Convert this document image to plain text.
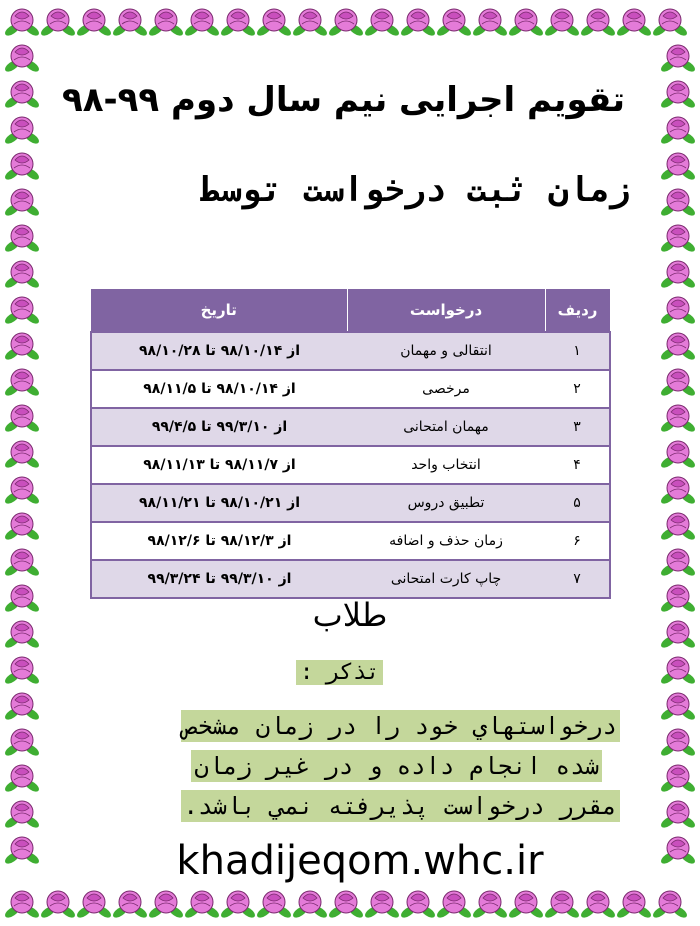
تقویم اجرایی نیم سال دوم ۹۹-۹۸
زمان ثبت درخواست توسط
ردیف	درخواست	تاریخ
۱	انتقالی و مهمان	از ۹۸/۱۰/۱۴ تا ۹۸/۱۰/۲۸
۲	مرخصی	از ۹۸/۱۰/۱۴ تا ۹۸/۱۱/۵
۳	مهمان امتحانی	از ۹۹/۳/۱۰ تا ۹۹/۴/۵
۴	انتخاب واحد	از ۹۸/۱۱/۷ تا ۹۸/۱۱/۱۳
۵	تطبیق دروس	از ۹۸/۱۰/۲۱ تا ۹۸/۱۱/۲۱
۶	زمان حذف و اضافه	از ۹۸/۱۲/۳ تا ۹۸/۱۲/۶
۷	چاپ کارت امتحانی	از ۹۹/۳/۱۰ تا ۹۹/۳/۲۴
طلاب
تذکر :
درخواستهاي خود را در زمان مشخص
شده انجام داده و در غير زمان
مقرر درخواست پذيرفته نمي باشد.
khadijeqom.whc.ir
